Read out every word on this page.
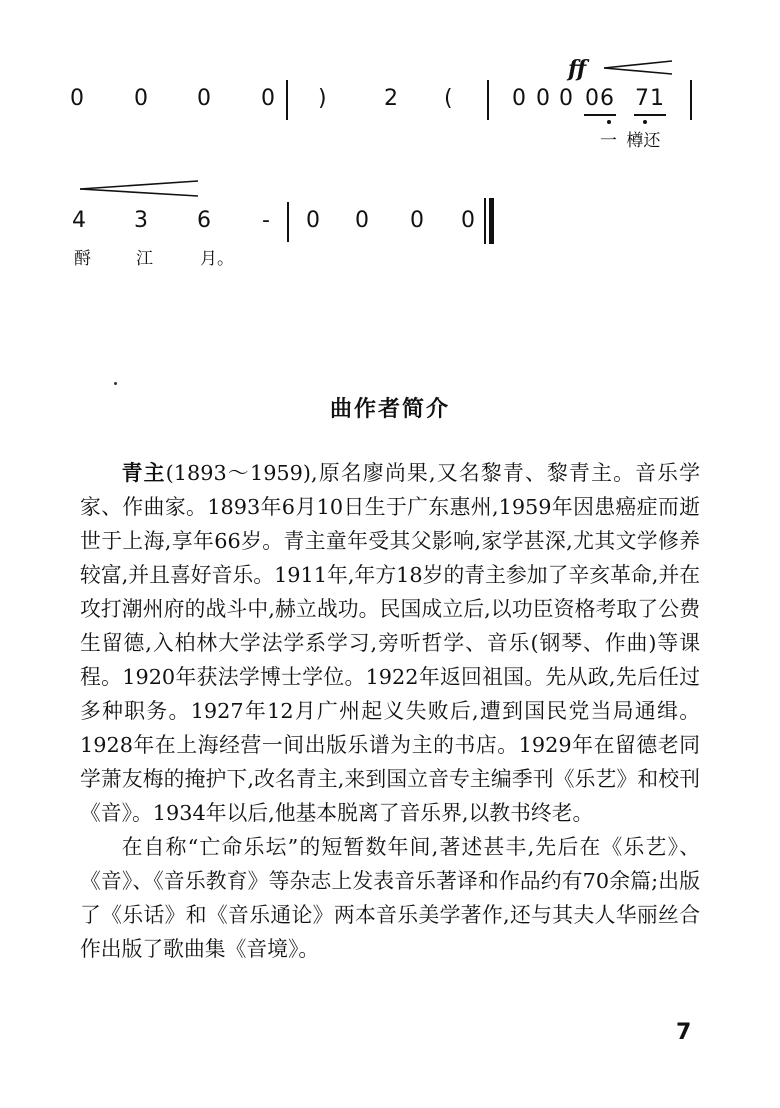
0 0 0 0 )	2 (	0 0 0 06 71
ff
一 樽还
4 3 6 - 0 0 0 0
酹	江	月。
曲作者简介

青主(1893～1959),原名廖尚果,又名黎青、黎青主。音乐学家、作曲家。1893年6月10日生于广东惠州,1959年因患癌症而逝世于上海,享年66岁。青主童年受其父影响,家学甚深,尤其文学修养较富,并且喜好音乐。1911年,年方18岁的青主参加了辛亥革命,并在攻打潮州府的战斗中,赫立战功。民国成立后,以功臣资格考取了公费生留德,入柏林大学法学系学习,旁听哲学、音乐(钢琴、作曲)等课程。1920年获法学博士学位。1922年返回祖国。先从政,先后任过多种职务。1927年12月广州起义失败后,遭到国民党当局通缉。1928年在上海经营一间出版乐谱为主的书店。1929年在留德老同学萧友梅的掩护下,改名青主,来到国立音专主编季刊《乐艺》和校刊《音》。1934年以后,他基本脱离了音乐界,以教书终老。

在自称“亡命乐坛”的短暂数年间,著述甚丰,先后在《乐艺》、《音》、《音乐教育》等杂志上发表音乐著译和作品约有70余篇;出版了《乐话》和《音乐通论》两本音乐美学著作,还与其夫人华丽丝合作出版了歌曲集《音境》。

7
